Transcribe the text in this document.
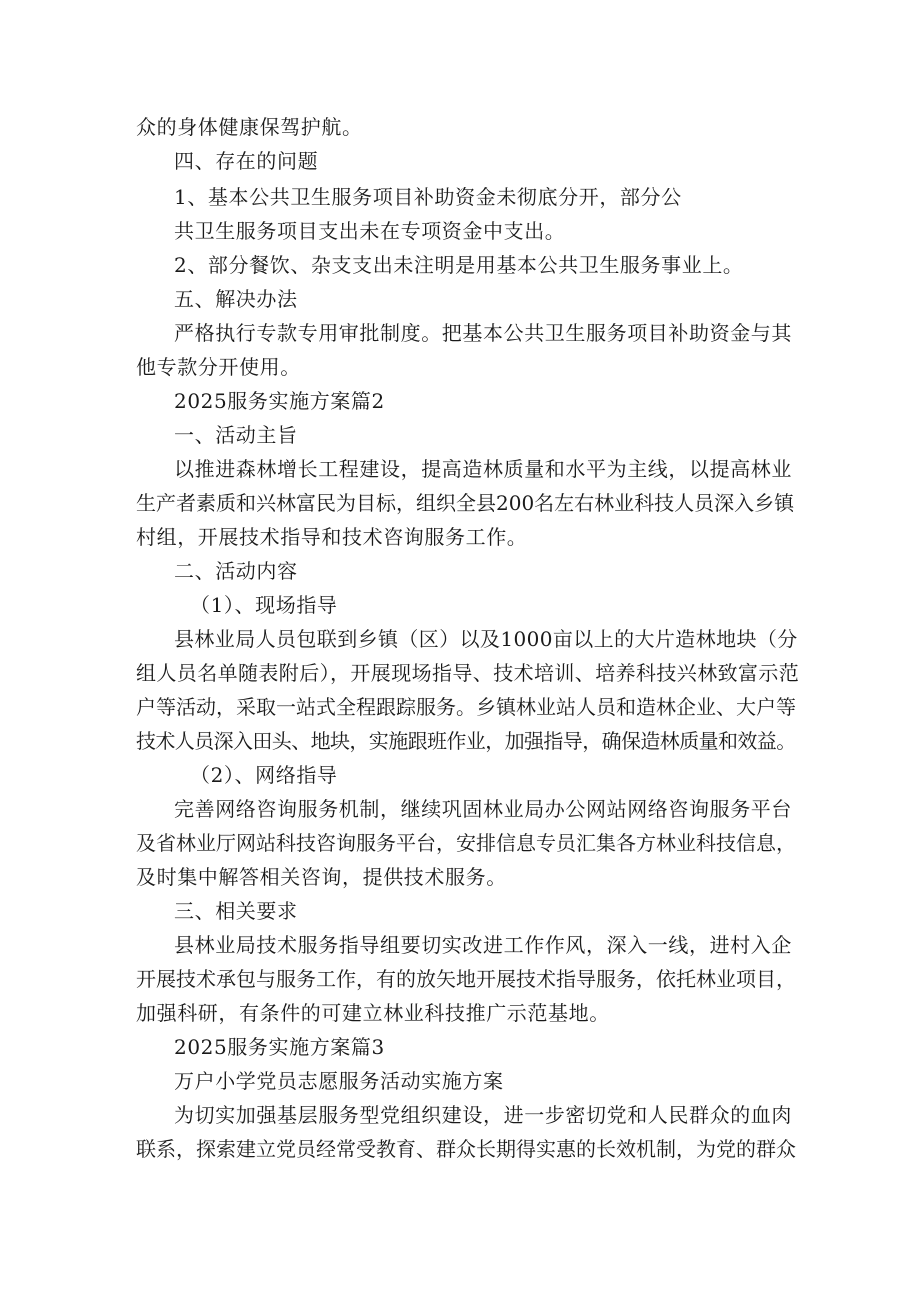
众的身体健康保驾护航。
四、存在的问题
1、基本公共卫生服务项目补助资金未彻底分开，部分公
共卫生服务项目支出未在专项资金中支出。
2、部分餐饮、杂支支出未注明是用基本公共卫生服务事业上。
五、解决办法
严格执行专款专用审批制度。把基本公共卫生服务项目补助资金与其
他专款分开使用。
2025服务实施方案篇2
一、活动主旨
以推进森林增长工程建设，提高造林质量和水平为主线，以提高林业
生产者素质和兴林富民为目标，组织全县200名左右林业科技人员深入乡镇
村组，开展技术指导和技术咨询服务工作。
二、活动内容
（1）、现场指导
县林业局人员包联到乡镇（区）以及1000亩以上的大片造林地块（分
组人员名单随表附后），开展现场指导、技术培训、培养科技兴林致富示范
户等活动，采取一站式全程跟踪服务。乡镇林业站人员和造林企业、大户等
技术人员深入田头、地块，实施跟班作业，加强指导，确保造林质量和效益。
（2）、网络指导
完善网络咨询服务机制，继续巩固林业局办公网站网络咨询服务平台
及省林业厅网站科技咨询服务平台，安排信息专员汇集各方林业科技信息，
及时集中解答相关咨询，提供技术服务。
三、相关要求
县林业局技术服务指导组要切实改进工作作风，深入一线，进村入企
开展技术承包与服务工作，有的放矢地开展技术指导服务，依托林业项目，
加强科研，有条件的可建立林业科技推广示范基地。
2025服务实施方案篇3
万户小学党员志愿服务活动实施方案
为切实加强基层服务型党组织建设，进一步密切党和人民群众的血肉
联系，探索建立党员经常受教育、群众长期得实惠的长效机制，为党的群众
